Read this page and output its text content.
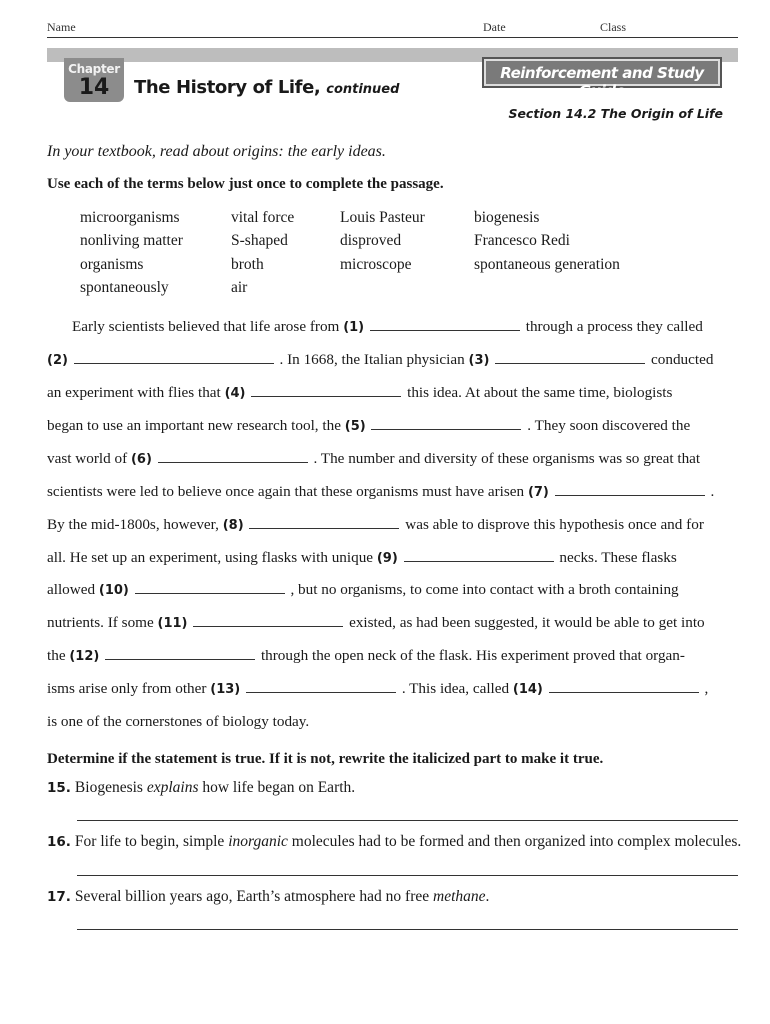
Name	Date	Class
Chapter
14	The History of Life, continued
Reinforcement and Study Guide
Section 14.2 The Origin of Life
In your textbook, read about origins: the early ideas.
Use each of the terms below just once to complete the passage.
microorganisms
nonliving matter
organisms
spontaneously
vital force
S-shaped
broth
air
Louis Pasteur
disproved
microscope
biogenesis
Francesco Redi
spontaneous generation
Early scientists believed that life arose from (1)	through a process they called
(2)	. In 1668, the Italian physician (3)	conducted
an experiment with flies that (4)	this idea. At about the same time, biologists
began to use an important new research tool, the (5)	. They soon discovered the
vast world of (6)	. The number and diversity of these organisms was so great that
scientists were led to believe once again that these organisms must have arisen (7)	.
By the mid-1800s, however, (8)	was able to disprove this hypothesis once and for
all. He set up an experiment, using flasks with unique (9)	necks. These flasks
allowed (10)	, but no organisms, to come into contact with a broth containing
nutrients. If some (11)	existed, as had been suggested, it would be able to get into
the (12)	through the open neck of the flask. His experiment proved that organ-
isms arise only from other (13)	. This idea, called (14)	,
is one of the cornerstones of biology today.
Determine if the statement is true. If it is not, rewrite the italicized part to make it true.
15. Biogenesis explains how life began on Earth.
16. For life to begin, simple inorganic molecules had to be formed and then organized into complex molecules.
17. Several billion years ago, Earth’s atmosphere had no free methane.
